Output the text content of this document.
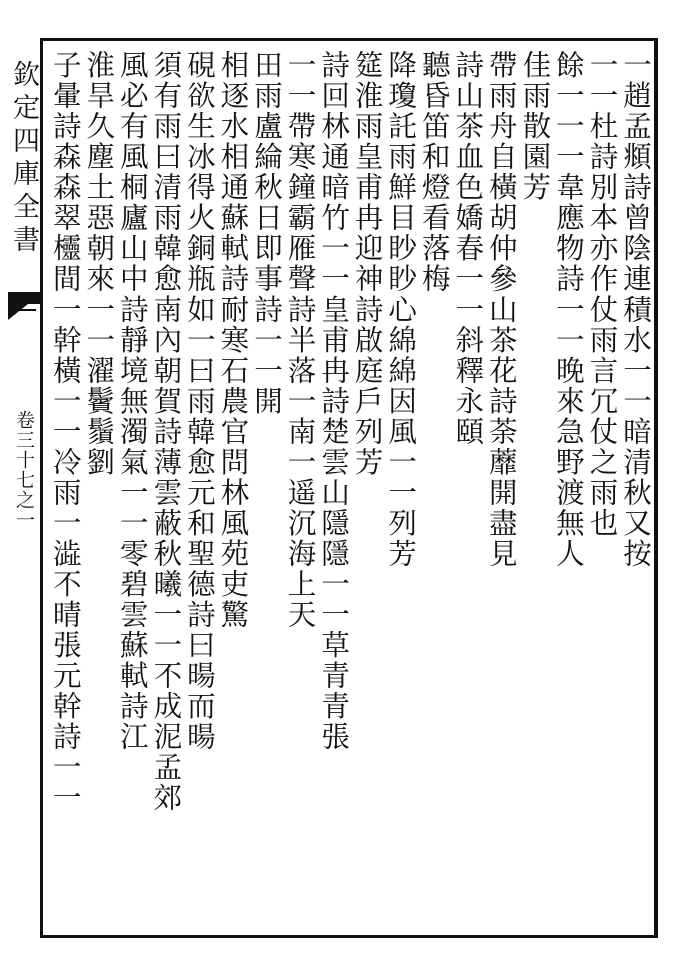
欽定四庫全書
卷三十七之一	一趙孟頫詩曾陰連積水一一暗清秋又按
一一杜詩別本亦作仗雨言冗仗之雨也
餘一一一韋應物詩一一晚來急野渡無人
佳雨散園芳
帶雨舟自橫胡仲參山茶花詩荼蘼開盡見
詩山茶血色嬌春一一斜釋永頤
聽昏笛和燈看落梅
降瓊託雨鮮目眇眇心綿綿因風一一列芳
筵淮雨皇甫冉迎神詩啟庭戶列芳
詩回林通暗竹一一皇甫冉詩楚雲山隱隱一一草青青張
一一帶寒鐘霸雁聲詩半落一南一遥沉海上天
田雨盧綸秋日即事詩一一開
相逐水相通蘇軾詩耐寒石農官問林風苑吏驚
硯欲生冰得火銅瓶如一曰雨韓愈元和聖德詩曰暘而暘
須有雨曰清雨韓愈南內朝賀詩薄雲蔽秋曦一一不成泥孟郊
風必有風桐廬山中詩靜境無濁氣一一零碧雲蘇軾詩江
淮旱久塵土惡朝來一一濯鬢鬚劉
子暈詩森森翠欞間一幹橫一一冷雨一澁不晴張元幹詩一一
